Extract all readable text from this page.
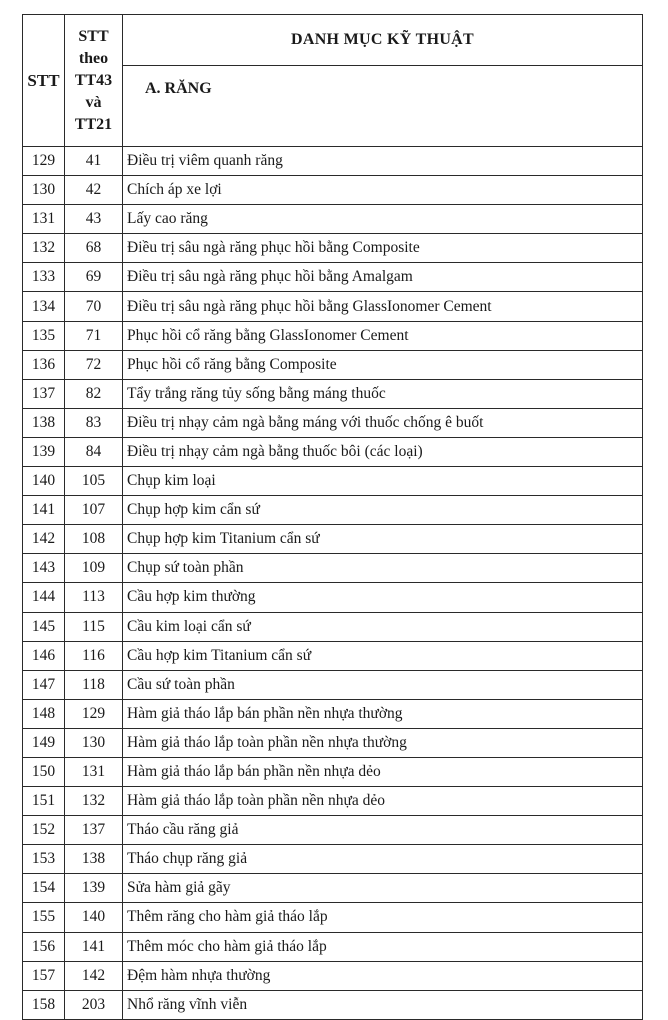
STT	STT
theo
TT43
và
TT21	DANH MỤC KỸ THUẬT
		A. RĂNG
129	41	Điều trị viêm quanh răng
130	42	Chích áp xe lợi
131	43	Lấy cao răng
132	68	Điều trị sâu ngà răng phục hồi bằng Composite
133	69	Điều trị sâu ngà răng phục hồi bằng Amalgam
134	70	Điều trị sâu ngà răng phục hồi bằng GlassIonomer Cement
135	71	Phục hồi cổ răng bằng GlassIonomer Cement
136	72	Phục hồi cổ răng bằng Composite
137	82	Tẩy trắng răng tủy sống bằng máng thuốc
138	83	Điều trị nhạy cảm ngà bằng máng với thuốc chống ê buốt
139	84	Điều trị nhạy cảm ngà bằng thuốc bôi (các loại)
140	105	Chụp kim loại
141	107	Chụp hợp kim cẩn sứ
142	108	Chụp hợp kim Titanium cẩn sứ
143	109	Chụp sứ toàn phần
144	113	Cầu hợp kim thường
145	115	Cầu kim loại cẩn sứ
146	116	Cầu hợp kim Titanium cẩn sứ
147	118	Cầu sứ toàn phần
148	129	Hàm giả tháo lắp bán phần nền nhựa thường
149	130	Hàm giả tháo lắp toàn phần nền nhựa thường
150	131	Hàm giả tháo lắp bán phần nền nhựa dẻo
151	132	Hàm giả tháo lắp toàn phần nền nhựa dẻo
152	137	Tháo cầu răng giả
153	138	Tháo chụp răng giả
154	139	Sửa hàm giả gãy
155	140	Thêm răng cho hàm giả tháo lắp
156	141	Thêm móc cho hàm giả tháo lắp
157	142	Đệm hàm nhựa thường
158	203	Nhổ răng vĩnh viễn
